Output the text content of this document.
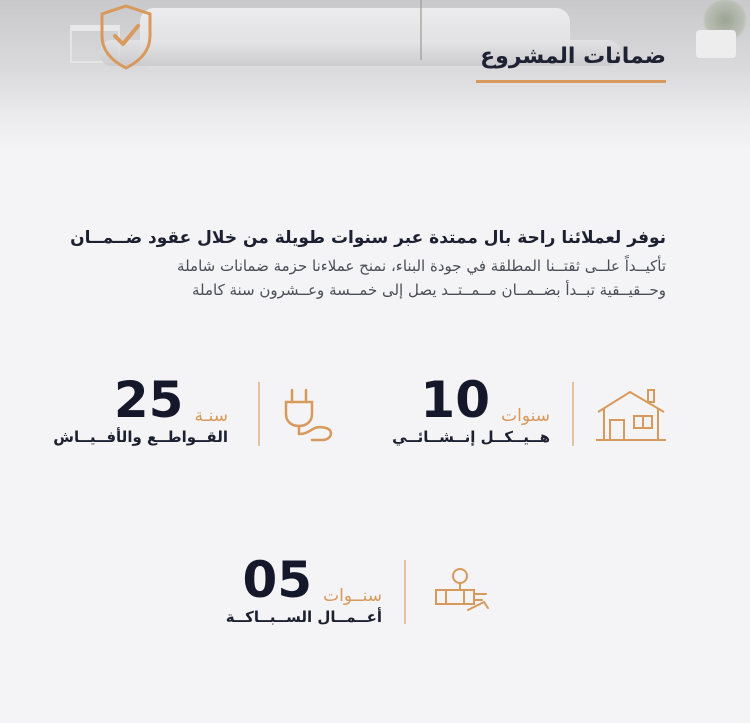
ضمانات المشروع
نوفر لعملائنا راحة بال ممتدة عبر سنوات طويلة من خلال عقود ضــمــان
تأكيــداً علــى ثقتــنا المطلقة في جودة البناء، نمنح عملاءنا حزمة ضمانات شاملة
وحــقيــقية تبــدأ بضــمــان مــمــتــد يصل إلى خمــسة وعــشرون سنة كاملة
سنوات 10
هــيــكــل إنــشــائــي
سنـة 25
القــواطــع والأفــيــاش
سنــوات 05
أعــمــال الســبــاكــة
